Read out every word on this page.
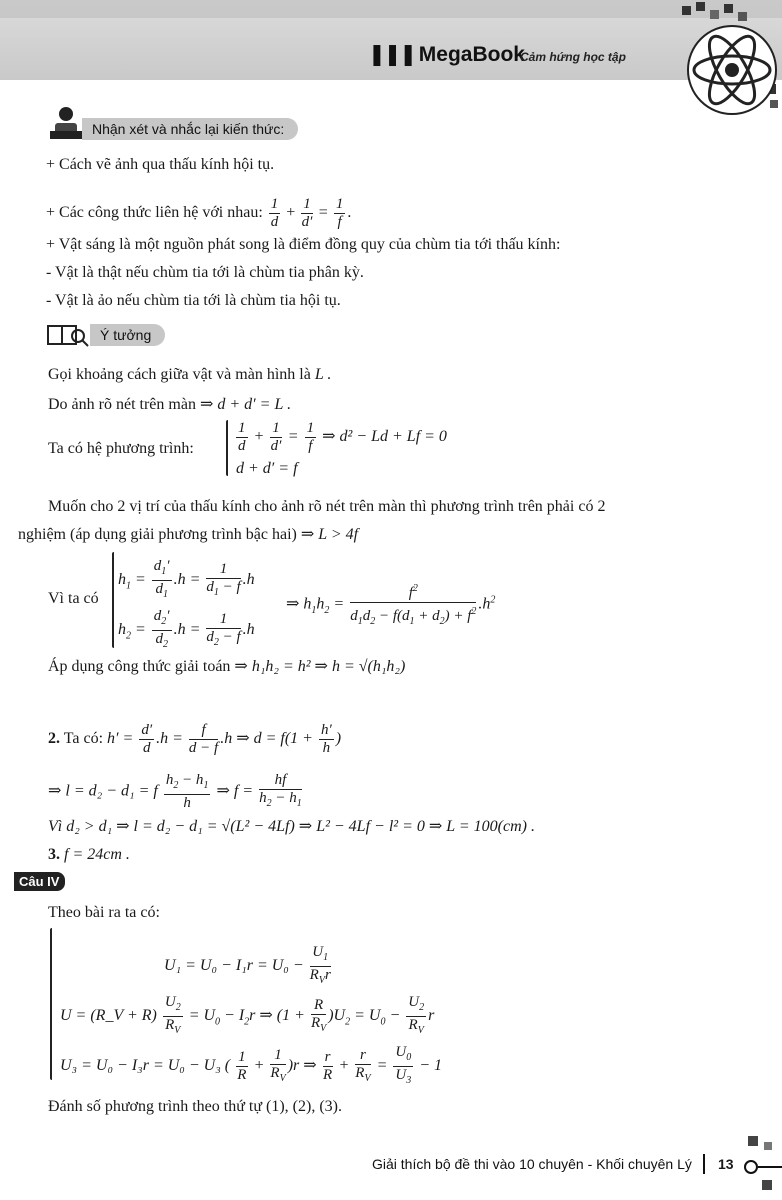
❚❚❚ MegaBook
Cảm hứng học tập
Nhận xét và nhắc lại kiến thức:
+ Cách vẽ ảnh qua thấu kính hội tụ.
+ Các công thức liên hệ với nhau: $\frac{1}{d} + \frac{1}{d'} = \frac{1}{f}$ .
+ Vật sáng là một nguồn phát song là điểm đồng quy của chùm tia tới thấu kính:
- Vật là thật nếu chùm tia tới là chùm tia phân kỳ.
- Vật là ảo nếu chùm tia tới là chùm tia hội tụ.
Ý tưởng
Gọi khoảng cách giữa vật và màn hình là L .
Do ảnh rõ nét trên màn ⇒ d + d′ = L .
Ta có hệ phương trình:	$\frac{1}{d} + \frac{1}{d'} = \frac{1}{f}$ ⇒ d² − Ld + Lf = 0
d + d′ = f
Muốn cho 2 vị trí của thấu kính cho ảnh rõ nét trên màn thì phương trình trên phải có 2
nghiệm (áp dụng giải phương trình bậc hai) ⇒ L > 4f
Vì ta có
$h_1 = \frac{d_1'}{d_1} .h = \frac{1}{d_1 - f} .h$
$h_2 = \frac{d_2'}{d_2} .h = \frac{1}{d_2 - f} .h$
⇒ $h_1h_2 = \frac{f^2}{d_1d_2 - f(d_1 + d_2) + f^2} .h^2$
Áp dụng công thức giải toán ⇒ h₁h₂ = h² ⇒ h = √(h₁h₂)
2. Ta có: $h' = \frac{d'}{d} .h = \frac{f}{d - f} .h$ ⇒ $d = f(1 + \frac{h'}{h}$ )
⇒ l = d₂ − d₁ = f $\frac{h_2 - h_1}{h}$ ⇒ $f = \frac{hf}{h_2 - h_1}$
Vì d₂ > d₁ ⇒ l = d₂ − d₁ = √(L² − 4Lf) ⇒ L² − 4Lf − l² = 0 ⇒ L = 100(cm) .
3. f = 24cm .
Câu IV
Theo bài ra ta có:
$U_1 = U_0 - I_1r = U_0 - \frac{U_1}{R_Vr}$
U = (R_V + $R) \frac{U_2}{R_V} = U_0 - I_2r$ ⇒ $(1 + \frac{R}{R_V} )U_2 = U_0 - \frac{U_2}{R_V}$ r
U₃ = U₀ − I₃r = U₀ − U₃ ( $\frac{1}{R} + \frac{1}{R_V} )r$ ⇒ $\frac{r}{R} + \frac{r}{R_V} = \frac{U_0}{U_3} - 1$
Đánh số phương trình theo thứ tự (1), (2), (3).
Giải thích bộ đề thi vào 10 chuyên - Khối chuyên Lý 13
